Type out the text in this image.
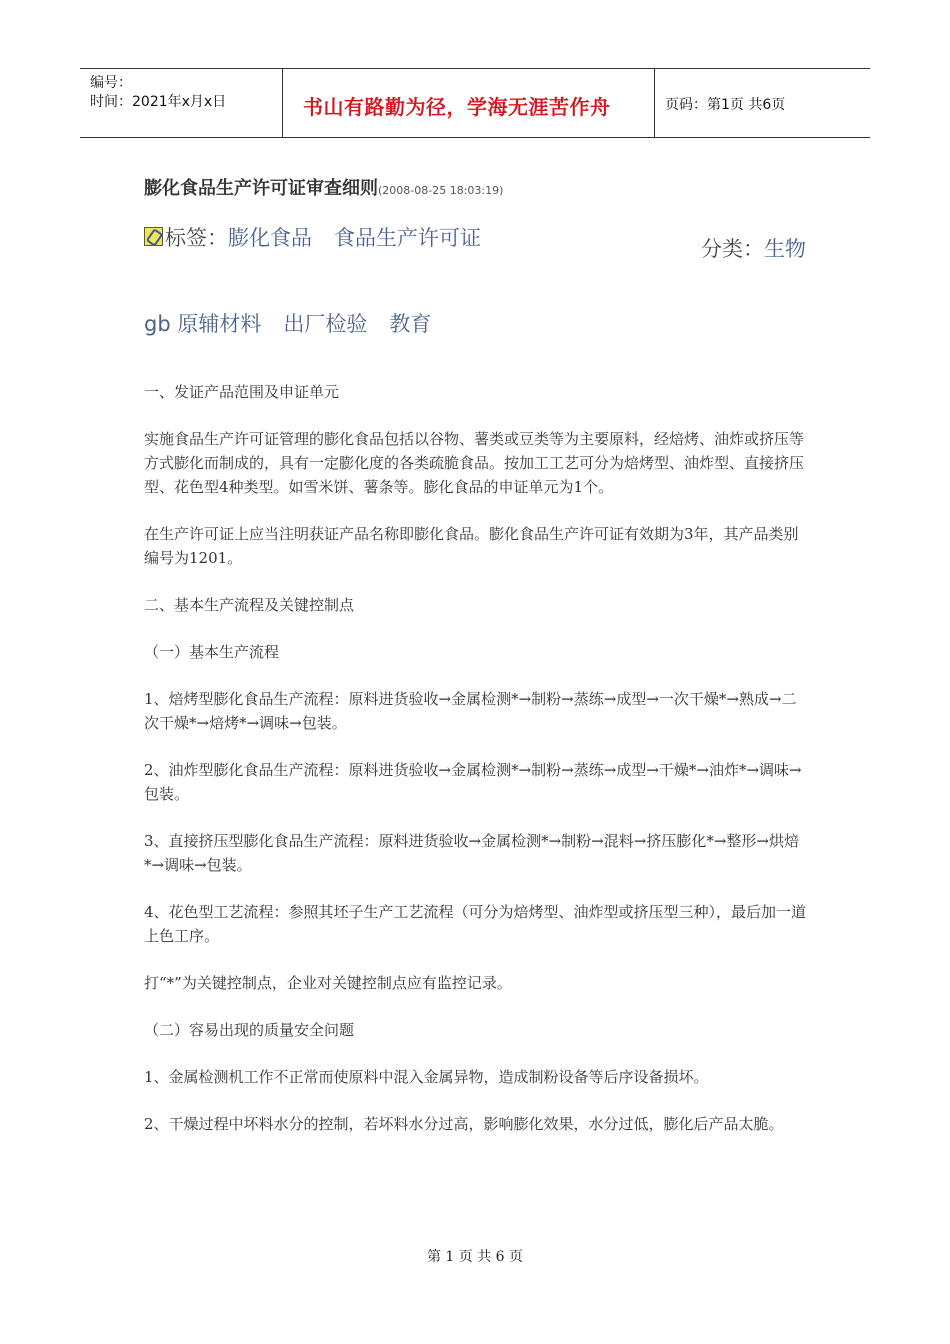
编号：
时间：2021年x月x日	书山有路勤为径，学海无涯苦作舟	页码：第1页 共6页
膨化食品生产许可证审查细则(2008-08-25 18:03:19)
标签：膨化食品 食品生产许可证	分类：生物
gb 原辅材料 出厂检验 教育

一、发证产品范围及申证单元

实施食品生产许可证管理的膨化食品包括以谷物、薯类或豆类等为主要原料，经焙烤、油炸或挤压等方式膨化而制成的，具有一定膨化度的各类疏脆食品。按加工工艺可分为焙烤型、油炸型、直接挤压型、花色型4种类型。如雪米饼、薯条等。膨化食品的申证单元为1个。

在生产许可证上应当注明获证产品名称即膨化食品。膨化食品生产许可证有效期为3年，其产品类别编号为1201。

二、基本生产流程及关键控制点

（一）基本生产流程

1、焙烤型膨化食品生产流程：原料进货验收→金属检测*→制粉→蒸练→成型→一次干燥*→熟成→二次干燥*→焙烤*→调味→包装。

2、油炸型膨化食品生产流程：原料进货验收→金属检测*→制粉→蒸练→成型→干燥*→油炸*→调味→包装。

3、直接挤压型膨化食品生产流程：原料进货验收→金属检测*→制粉→混料→挤压膨化*→整形→烘焙*→调味→包装。

4、花色型工艺流程：参照其坯子生产工艺流程（可分为焙烤型、油炸型或挤压型三种），最后加一道上色工序。

打“*”为关键控制点，企业对关键控制点应有监控记录。

（二）容易出现的质量安全问题

1、金属检测机工作不正常而使原料中混入金属异物，造成制粉设备等后序设备损坏。

2、干燥过程中坏料水分的控制，若坏料水分过高，影响膨化效果，水分过低，膨化后产品太脆。

第 1 页 共 6 页
